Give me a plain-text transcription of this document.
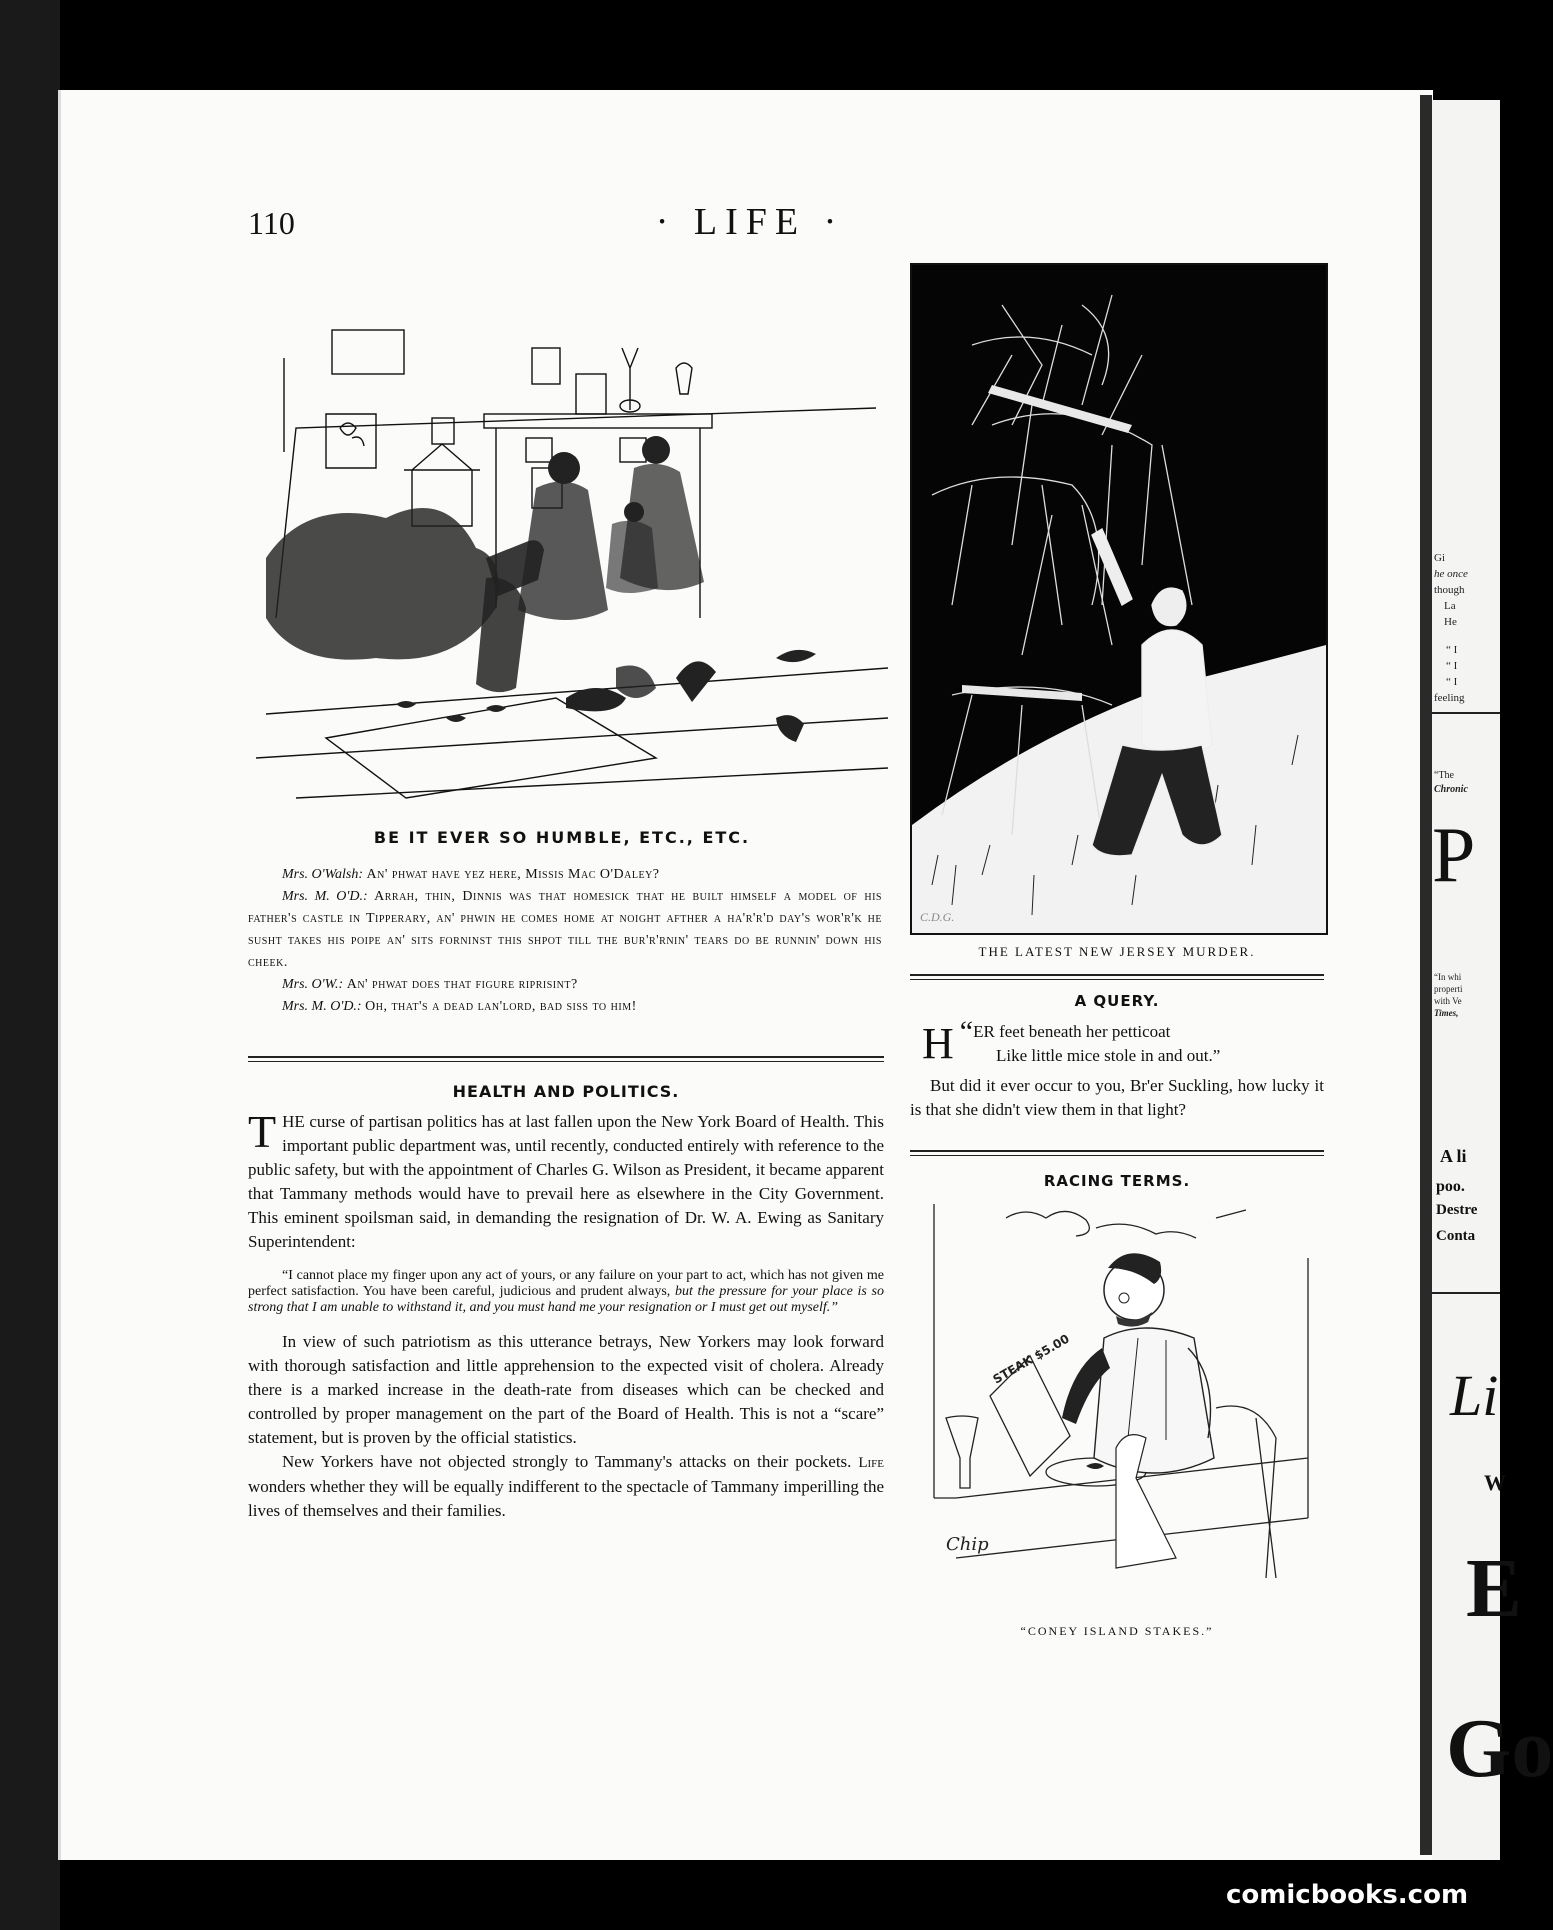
Gi
he once
though
La
He
“ I
“ I
“ I
feeling
“The
Chronic
P
“In whi
properti
with Ve
Times,
A li
poo.
Destre
Conta
Li
W
E
Go
110	· LIFE ·
BE IT EVER SO HUMBLE, ETC., ETC.

Mrs. O'Walsh: An' phwat have yez here, Missis Mac O'Daley?

Mrs. M. O'D.: Arrah, thin, Dinnis was that homesick that he built himself a model of his father's castle in Tipperary, an' phwin he comes home at noight afther a ha'r'r'd day's wor'r'k he susht takes his poipe an' sits forninst this shpot till the bur'r'rnin' tears do be runnin' down his cheek.

Mrs. O'W.: An' phwat does that figure riprisint?

Mrs. M. O'D.: Oh, that's a dead lan'lord, bad siss to him!

HEALTH AND POLITICS.

THE curse of partisan politics has at last fallen upon the New York Board of Health. This important public department was, until recently, conducted entirely with reference to the public safety, but with the appointment of Charles G. Wilson as President, it became apparent that Tammany methods would have to prevail here as elsewhere in the City Government. This eminent spoilsman said, in demanding the resignation of Dr. W. A. Ewing as Sanitary Superintendent:

“I cannot place my finger upon any act of yours, or any failure on your part to act, which has not given me perfect satisfaction. You have been careful, judicious and prudent always, but the pressure for your place is so strong that I am unable to withstand it, and you must hand me your resignation or I must get out myself.”

In view of such patriotism as this utterance betrays, New Yorkers may look forward with thorough satisfaction and little apprehension to the expected visit of cholera. Already there is a marked increase in the death-rate from diseases which can be checked and controlled by proper management on the part of the Board of Health. This is not a “scare” statement, but is proven by the official statistics.

New Yorkers have not objected strongly to Tammany's attacks on their pockets. Life wonders whether they will be equally indifferent to the spectacle of Tammany imperilling the lives of themselves and their families.

C.D.G.
THE LATEST NEW JERSEY MURDER.
A QUERY.

“
H ER feet beneath her petticoat

Like little mice stole in and out.”

But did it ever occur to you, Br'er Suckling, how lucky it is that she didn't view them in that light?

RACING TERMS.
STEAK $5.00
Chip
“CONEY ISLAND STAKES.”
comicbooks.com
